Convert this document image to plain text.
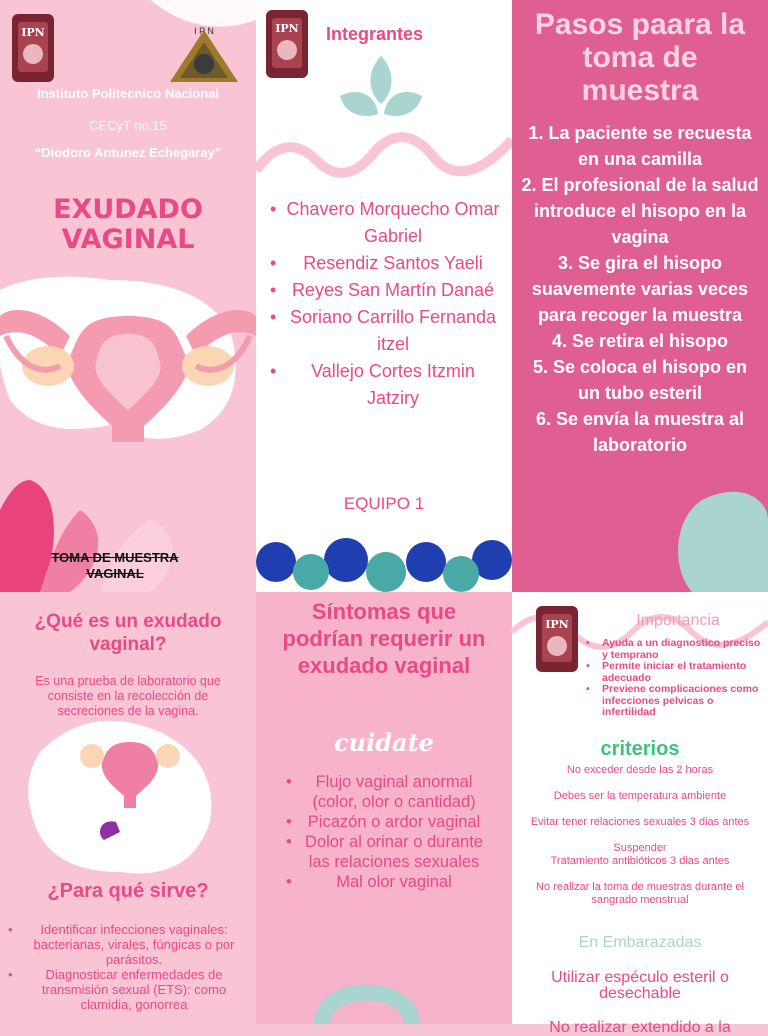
IPN	I P N
Instituto Politecnico Nacional
CECyT no.15
“Diodoro Antunez Echegaray”
EXUDADO VAGINAL
TOMA DE MUESTRA VAGINAL
IPN Integrantes
• Chavero Morquecho Omar Gabriel
• Resendiz Santos Yaeli
• Reyes San Martín Danaé
• Soriano Carrillo Fernanda itzel
• Vallejo Cortes Itzmin Jatziry
EQUIPO 1
Pasos paara la toma de muestra
1. La paciente se recuesta en una camilla
2. El profesional de la salud introduce el hisopo en la vagina
3. Se gira el hisopo suavemente varias veces para recoger la muestra
4. Se retira el hisopo
5. Se coloca el hisopo en un tubo esteril
6. Se envía la muestra al laboratorio
¿Qué es un exudado vaginal?
Es una prueba de laboratorio que consiste en la recolección de secreciones de la vagina.
¿Para qué sirve?
• Identificar infecciones vaginales: bacterianas, virales, fúngicas o por parásitos.
• Diagnosticar enfermedades de transmisión sexual (ETS): como clamidia, gonorrea
Síntomas que podrían requerir un exudado vaginal
cuidate
• Flujo vaginal anormal (color, olor o cantidad)
• Picazón o ardor vaginal
• Dolor al orinar o durante las relaciones sexuales
• Mal olor vaginal
IPN	Importancia
• Ayuda a un diagnostico preciso y temprano
• Permite iniciar el tratamiento adecuado
• Previene complicaciones como infecciones pelvicas o infertilidad
criterios
No exceder desde las 2 horas
Debes ser la temperatura ambiente
Evitar tener relaciones sexuales 3 dias antes
Suspender
Tratamiento antibióticos 3 dias antes
No realizar la toma de muestras durante el sangrado menstrual
En Embarazadas
Utilizar espéculo esteril o desechable
No realizar extendido a la
